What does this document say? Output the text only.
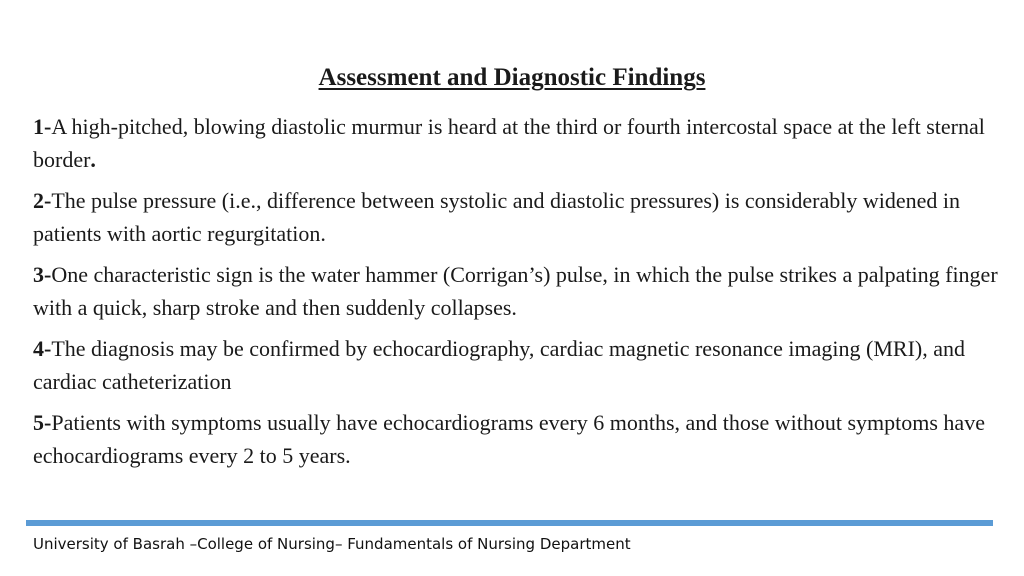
Assessment and Diagnostic Findings

1-A high-pitched, blowing diastolic murmur is heard at the third or fourth intercostal space at the left sternal border.

2-The pulse pressure (i.e., difference between systolic and diastolic pressures) is considerably widened in patients with aortic regurgitation.

3-One characteristic sign is the water hammer (Corrigan’s) pulse, in which the pulse strikes a palpating finger with a quick, sharp stroke and then suddenly collapses.

4-The diagnosis may be confirmed by echocardiography, cardiac magnetic resonance imaging (MRI), and cardiac catheterization

5-Patients with symptoms usually have echocardiograms every 6 months, and those without symptoms have echocardiograms every 2 to 5 years.

University of Basrah –College of Nursing– Fundamentals of Nursing Department
